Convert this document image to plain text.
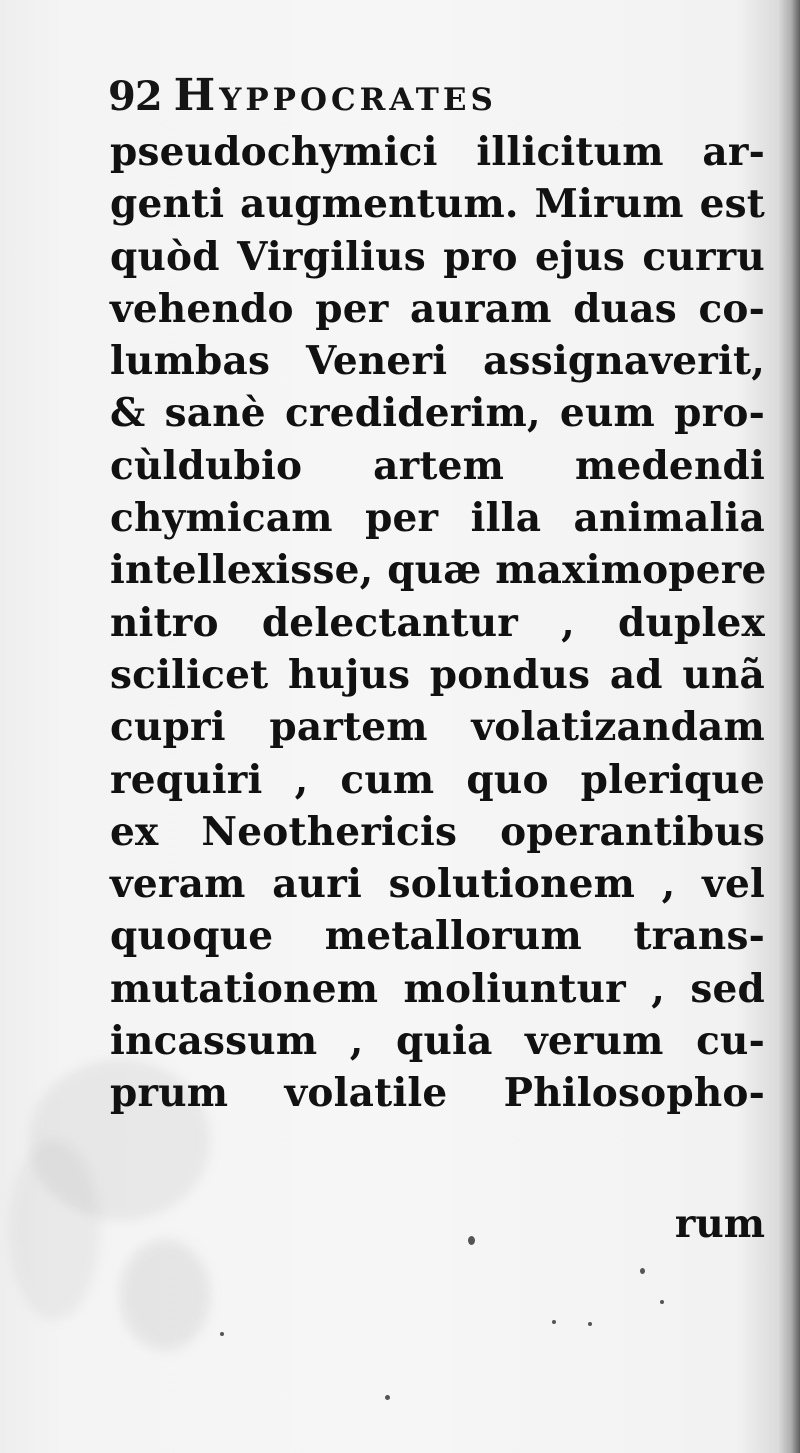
92 Hyppocrates
pseudochymici illicitum ar-
genti augmentum. Mirum est
quòd Virgilius pro ejus curru
vehendo per auram duas co-
lumbas Veneri assignaverit,
& sanè crediderim, eum pro-
cùldubio artem medendi
chymicam per illa animalia
intellexisse, quæ maximopere
nitro delectantur , duplex
scilicet hujus pondus ad unã
cupri partem volatizandam
requiri , cum quo plerique
ex Neothericis operantibus
veram auri solutionem , vel
quoque metallorum trans-
mutationem moliuntur , sed
incassum , quia verum cu-
prum volatile Philosopho-
rum
